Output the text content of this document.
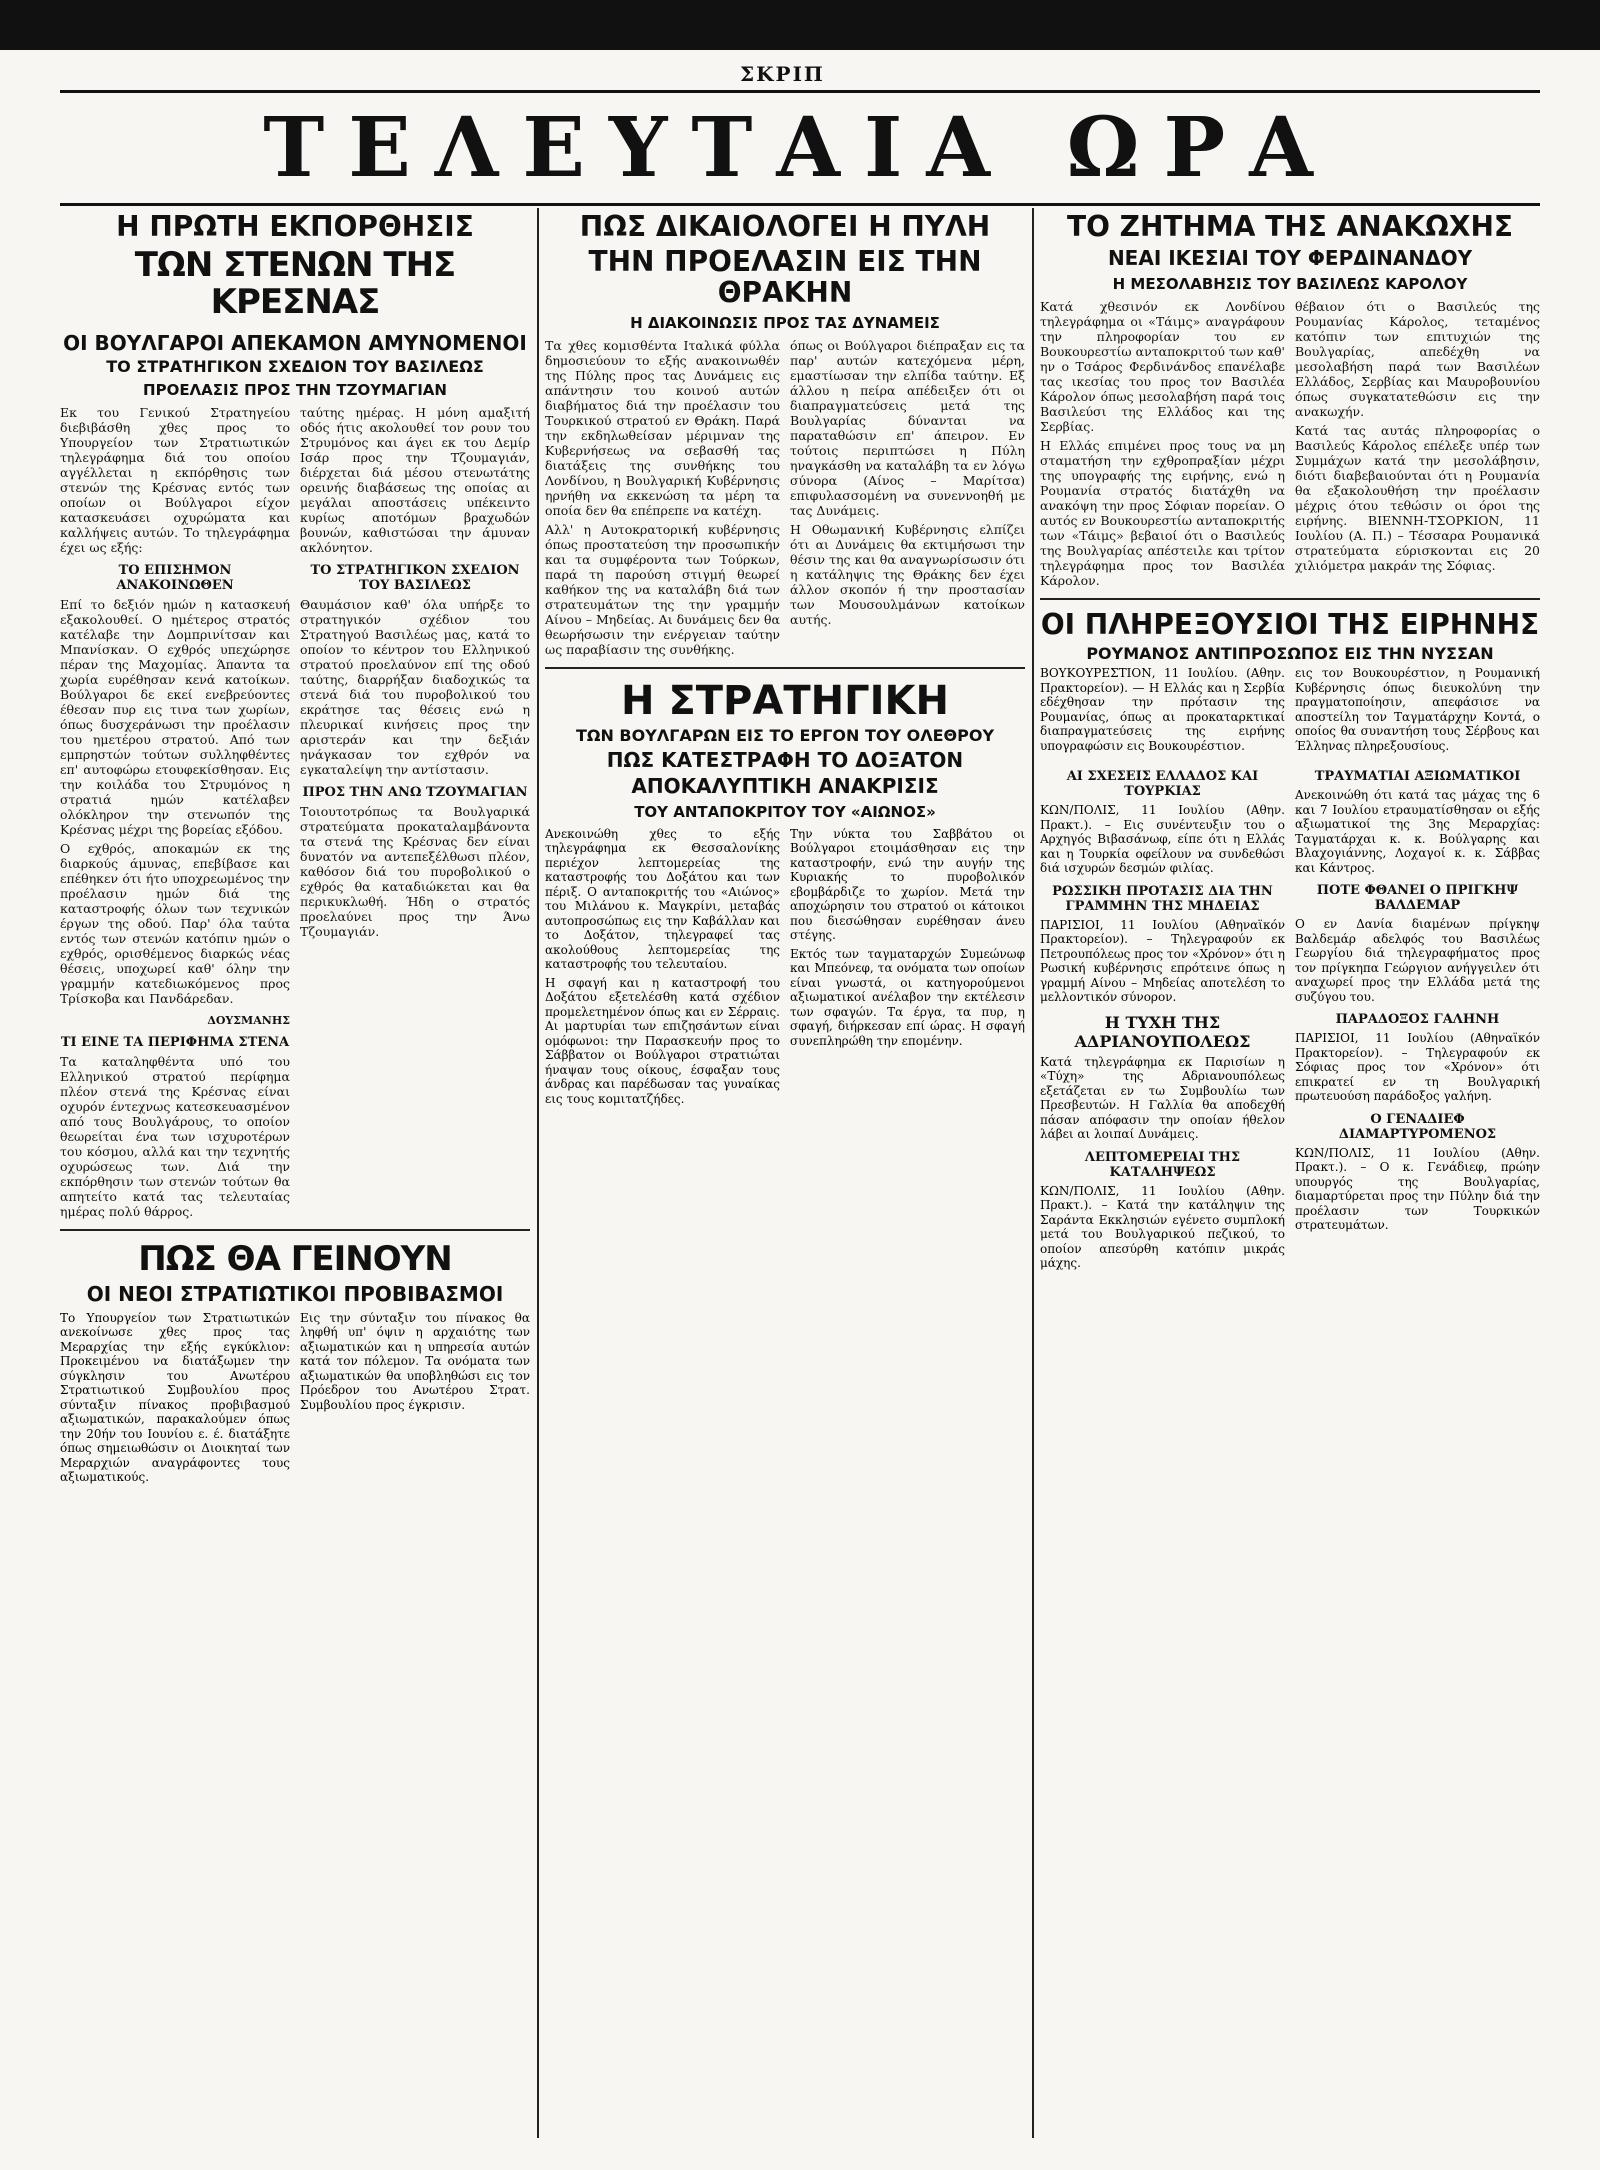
ΣΚΡΙΠ
ΤΕΛΕΥΤΑΙΑ ΩΡΑ
Η ΠΡΩΤΗ ΕΚΠΟΡΘΗΣΙΣ
ΤΩΝ ΣΤΕΝΩΝ ΤΗΣ ΚΡΕΣΝΑΣ
ΟΙ ΒΟΥΛΓΑΡΟΙ ΑΠΕΚΑΜΟΝ ΑΜΥΝΟΜΕΝΟΙ
ΤΟ ΣΤΡΑΤΗΓΙΚΟΝ ΣΧΕΔΙΟΝ ΤΟΥ ΒΑΣΙΛΕΩΣ
ΠΡΟΕΛΑΣΙΣ ΠΡΟΣ ΤΗΝ ΤΖΟΥΜΑΓΙΑΝ
Εκ του Γενικού Στρατηγείου διεβιβάσθη χθες προς το Υπουργείον των Στρατιωτικών τηλεγράφημα διά του οποίου αγγέλλεται η εκπόρθησις των στενών της Κρέσνας εντός των οποίων οι Βούλγαροι είχον κατασκευάσει οχυρώματα και καλλήψεις αυτών. Το τηλεγράφημα έχει ως εξής:
ΤΟ ΕΠΙΣΗΜΟΝ ΑΝΑΚΟΙΝΩΘΕΝ
Επί το δεξιόν ημών η κατασκευή εξακολουθεί. Ο ημέτερος στρατός κατέλαβε την Δομπρινίτσαν και Μπανίσκαν. Ο εχθρός υπεχώρησε πέραν της Μαχομίας. Άπαντα τα χωρία ευρέθησαν κενά κατοίκων. Βούλγαροι δε εκεί ενεβρεύοντες έθεσαν πυρ εις τινα των χωρίων, όπως δυσχεράνωσι την προέλασιν του ημετέρου στρατού. Από των εμπρηστών τούτων συλληφθέντες επ' αυτοφώρω ετουφεκίσθησαν. Εις την κοιλάδα του Στρυμόνος η στρατιά ημών κατέλαβεν ολόκληρον την στενωπόν της Κρέσνας μέχρι της βορείας εξόδου.
Ο εχθρός, αποκαμών εκ της διαρκούς άμυνας, επεβίβασε και επέθηκεν ότι ήτο υποχρεωμένος την προέλασιν ημών διά της καταστροφής όλων των τεχνικών έργων της οδού. Παρ' όλα ταύτα εντός των στενών κατόπιν ημών ο εχθρός, ορισθέμενος διαρκώς νέας θέσεις, υποχωρεί καθ' όλην την γραμμήν κατεδιωκόμενος προς Τρίσκοβα και Πανδάρεδαν.
ΔΟΥΣΜΑΝΗΣ
ΤΙ ΕΙΝΕ ΤΑ ΠΕΡΙΦΗΜΑ ΣΤΕΝΑ
Τα καταληφθέντα υπό του Ελληνικού στρατού περίφημα πλέον στενά της Κρέσνας είναι οχυρόν έντεχνως κατεσκευασμένον από τους Βουλγάρους, το οποίον θεωρείται ένα των ισχυροτέρων του κόσμου, αλλά και την τεχνητής οχυρώσεως των. Διά την εκπόρθησιν των στενών τούτων θα απητείτο κατά τας τελευταίας ημέρας πολύ θάρρος.
ταύτης ημέρας. Η μόνη αμαξιτή οδός ήτις ακολουθεί τον ρουν του Στρυμόνος και άγει εκ του Δεμίρ Ισάρ προς την Τζουμαγιάν, διέρχεται διά μέσου στενωτάτης ορεινής διαβάσεως της οποίας αι μεγάλαι αποστάσεις υπέκειντο κυρίως αποτόμων βραχωδών βουνών, καθιστώσαι την άμυναν ακλόνητον.
ΤΟ ΣΤΡΑΤΗΓΙΚΟΝ ΣΧΕΔΙΟΝ ΤΟΥ ΒΑΣΙΛΕΩΣ
Θαυμάσιον καθ' όλα υπήρξε το στρατηγικόν σχέδιον του Στρατηγού Βασιλέως μας, κατά το οποίον το κέντρον του Ελληνικού στρατού προελαύνον επί της οδού ταύτης, διαρρήξαν διαδοχικώς τα στενά διά του πυροβολικού του εκράτησε τας θέσεις ενώ η πλευρικαί κινήσεις προς την αριστεράν και την δεξιάν ηνάγκασαν τον εχθρόν να εγκαταλείψη την αντίστασιν.
ΠΡΟΣ ΤΗΝ ΑΝΩ ΤΖΟΥΜΑΓΙΑΝ
Τοιουτοτρόπως τα Βουλγαρικά στρατεύματα προκαταλαμβάνοντα τα στενά της Κρέσνας δεν είναι δυνατόν να αντεπεξέλθωσι πλέον, καθόσον διά του πυροβολικού ο εχθρός θα καταδιώκεται και θα περικυκλωθή. Ήδη ο στρατός προελαύνει προς την Άνω Τζουμαγιάν.
ΠΩΣ ΘΑ ΓΕΙΝΟΥΝ
ΟΙ ΝΕΟΙ ΣΤΡΑΤΙΩΤΙΚΟΙ ΠΡΟΒΙΒΑΣΜΟΙ
Το Υπουργείον των Στρατιωτικών ανεκοίνωσε χθες προς τας Μεραρχίας την εξής εγκύκλιον: Προκειμένου να διατάξωμεν την σύγκλησιν του Ανωτέρου Στρατιωτικού Συμβουλίου προς σύνταξιν πίνακος προβιβασμού αξιωματικών, παρακαλούμεν όπως την 20ήν του Ιουνίου ε. έ. διατάξητε όπως σημειωθώσιν οι Διοικηταί των Μεραρχιών αναγράφοντες τους αξιωματικούς.
Εις την σύνταξιν του πίνακος θα ληφθή υπ' όψιν η αρχαιότης των αξιωματικών και η υπηρεσία αυτών κατά τον πόλεμον. Τα ονόματα των αξιωματικών θα υποβληθώσι εις τον Πρόεδρον του Ανωτέρου Στρατ. Συμβουλίου προς έγκρισιν.
ΠΩΣ ΔΙΚΑΙΟΛΟΓΕΙ Η ΠΥΛΗ
ΤΗΝ ΠΡΟΕΛΑΣΙΝ ΕΙΣ ΤΗΝ ΘΡΑΚΗΝ
Η ΔΙΑΚΟΙΝΩΣΙΣ ΠΡΟΣ ΤΑΣ ΔΥΝΑΜΕΙΣ
Τα χθες κομισθέντα Ιταλικά φύλλα δημοσιεύουν το εξής ανακοινωθέν της Πύλης προς τας Δυνάμεις εις απάντησιν του κοινού αυτών διαβήματος διά την προέλασιν του Τουρκικού στρατού εν Θράκη. Παρά την εκδηλωθείσαν μέριμναν της Κυβερνήσεως να σεβασθή τας διατάξεις της συνθήκης του Λονδίνου, η Βουλγαρική Κυβέρνησις ηρνήθη να εκκενώση τα μέρη τα οποία δεν θα επέπρεπε να κατέχη.
Αλλ' η Αυτοκρατορική κυβέρνησις όπως προστατεύση την προσωπικήν και τα συμφέροντα των Τούρκων, παρά τη παρούση στιγμή θεωρεί καθήκον της να καταλάβη διά των στρατευμάτων της την γραμμήν Αίνου – Μηδείας. Αι δυνάμεις δεν θα θεωρήσωσιν την ενέργειαν ταύτην ως παραβίασιν της συνθήκης.
όπως οι Βούλγαροι διέπραξαν εις τα παρ' αυτών κατεχόμενα μέρη, εμαστίωσαν την ελπίδα ταύτην. Εξ άλλου η πείρα απέδειξεν ότι οι διαπραγματεύσεις μετά της Βουλγαρίας δύνανται να παραταθώσιν επ' άπειρον. Εν τούτοις περιπτώσει η Πύλη ηναγκάσθη να καταλάβη τα εν λόγω σύνορα (Αίνος – Μαρίτσα) επιφυλασσομένη να συνεννοηθή με τας Δυνάμεις.
Η Οθωμανική Κυβέρνησις ελπίζει ότι αι Δυνάμεις θα εκτιμήσωσι την θέσιν της και θα αναγνωρίσωσιν ότι η κατάληψις της Θράκης δεν έχει άλλον σκοπόν ή την προστασίαν των Μουσουλμάνων κατοίκων αυτής.
Η ΣΤΡΑΤΗΓΙΚΗ
ΤΩΝ ΒΟΥΛΓΑΡΩΝ ΕΙΣ ΤΟ ΕΡΓΟΝ ΤΟΥ ΟΛΕΘΡΟΥ
ΠΩΣ ΚΑΤΕΣΤΡΑΦΗ ΤΟ ΔΟΞΑΤΟΝ
ΑΠΟΚΑΛΥΠΤΙΚΗ ΑΝΑΚΡΙΣΙΣ
ΤΟΥ ΑΝΤΑΠΟΚΡΙΤΟΥ ΤΟΥ «ΑΙΩΝΟΣ»
Ανεκοινώθη χθες το εξής τηλεγράφημα εκ Θεσσαλονίκης περιέχον λεπτομερείας της καταστροφής του Δοξάτου και των πέριξ. Ο ανταποκριτής του «Αιώνος» του Μιλάνου κ. Μαγκρίνι, μεταβάς αυτοπροσώπως εις την Καβάλλαν και το Δοξάτον, τηλεγραφεί τας ακολούθους λεπτομερείας της καταστροφής του τελευταίου.
Η σφαγή και η καταστροφή του Δοξάτου εξετελέσθη κατά σχέδιον προμελετημένον όπως και εν Σέρραις. Αι μαρτυρίαι των επιζησάντων είναι ομόφωνοι: την Παρασκευήν προς το Σάββατον οι Βούλγαροι στρατιώται ήναψαν τους οίκους, έσφαξαν τους άνδρας και παρέδωσαν τας γυναίκας εις τους κομιτατζήδες.
Την νύκτα του Σαββάτου οι Βούλγαροι ετοιμάσθησαν εις την καταστροφήν, ενώ την αυγήν της Κυριακής το πυροβολικόν εβομβάρδιζε το χωρίον. Μετά την αποχώρησιν του στρατού οι κάτοικοι που διεσώθησαν ευρέθησαν άνευ στέγης.
Εκτός των ταγματαρχών Συμεώνωφ και Μπεόνεφ, τα ονόματα των οποίων είναι γνωστά, οι κατηγορούμενοι αξιωματικοί ανέλαβον την εκτέλεσιν των σφαγών. Τα έργα, τα πυρ, η σφαγή, διήρκεσαν επί ώρας. Η σφαγή συνεπληρώθη την επομένην.
ΤΟ ΖΗΤΗΜΑ ΤΗΣ ΑΝΑΚΩΧΗΣ
ΝΕΑΙ ΙΚΕΣΙΑΙ ΤΟΥ ΦΕΡΔΙΝΑΝΔΟΥ
Η ΜΕΣΟΛΑΒΗΣΙΣ ΤΟΥ ΒΑΣΙΛΕΩΣ ΚΑΡΟΛΟΥ
Κατά χθεσινόν εκ Λονδίνου τηλεγράφημα οι «Τάιμς» αναγράφουν την πληροφορίαν του εν Βουκουρεστίω ανταποκριτού των καθ' ην ο Τσάρος Φερδινάνδος επανέλαβε τας ικεσίας του προς τον Βασιλέα Κάρολον όπως μεσολαβήση παρά τοις Βασιλεύσι της Ελλάδος και της Σερβίας.
Η Ελλάς επιμένει προς τους να μη σταματήση την εχθροπραξίαν μέχρι της υπογραφής της ειρήνης, ενώ η Ρουμανία στρατός διατάχθη να ανακόψη την προς Σόφιαν πορείαν. Ο αυτός εν Βουκουρεστίω ανταποκριτής των «Τάιμς» βεβαιοί ότι ο Βασιλεύς της Βουλγαρίας απέστειλε και τρίτον τηλεγράφημα προς τον Βασιλέα Κάρολον.
θέβαιον ότι ο Βασιλεύς της Ρουμανίας Κάρολος, τεταμένος κατόπιν των επιτυχιών της Βουλγαρίας, απεδέχθη να μεσολαβήση παρά των Βασιλέων Ελλάδος, Σερβίας και Μαυροβουνίου όπως συγκατατεθώσιν εις την ανακωχήν.
Κατά τας αυτάς πληροφορίας ο Βασιλεύς Κάρολος επέλεξε υπέρ των Συμμάχων κατά την μεσολάβησιν, διότι διαβεβαιούνται ότι η Ρουμανία θα εξακολουθήση την προέλασιν μέχρις ότου τεθώσιν οι όροι της ειρήνης. ΒΙΕΝΝΗ-ΤΣΟΡΚΙΟΝ, 11 Ιουλίου (Α. Π.) – Τέσσαρα Ρουμανικά στρατεύματα εύρισκονται εις 20 χιλιόμετρα μακράν της Σόφιας.
ΟΙ ΠΛΗΡΕΞΟΥΣΙΟΙ ΤΗΣ ΕΙΡΗΝΗΣ
ΡΟΥΜΑΝΟΣ ΑΝΤΙΠΡΟΣΩΠΟΣ ΕΙΣ ΤΗΝ ΝΥΣΣΑΝ
ΒΟΥΚΟΥΡΕΣΤΙΟΝ, 11 Ιουλίου. (Αθην. Πρακτορείον). — Η Ελλάς και η Σερβία εδέχθησαν την πρότασιν της Ρουμανίας, όπως αι προκαταρκτικαί διαπραγματεύσεις της ειρήνης υπογραφώσιν εις Βουκουρέστιον.
εις τον Βουκουρέστιον, η Ρουμανική Κυβέρνησις όπως διευκολύνη την πραγματοποίησιν, απεφάσισε να αποστείλη τον Ταγματάρχην Κοντά, ο οποίος θα συναντήση τους Σέρβους και Έλληνας πληρεξουσίους.
ΑΙ ΣΧΕΣΕΙΣ ΕΛΛΑΔΟΣ ΚΑΙ ΤΟΥΡΚΙΑΣ
ΚΩΝ/ΠΟΛΙΣ, 11 Ιουλίου (Αθην. Πρακτ.). – Εις συνέντευξιν του ο Αρχηγός Βιβασάνωφ, είπε ότι η Ελλάς και η Τουρκία οφείλουν να συνδεθώσι διά ισχυρών δεσμών φιλίας.
ΡΩΣΣΙΚΗ ΠΡΟΤΑΣΙΣ ΔΙΑ ΤΗΝ ΓΡΑΜΜΗΝ ΤΗΣ ΜΗΔΕΙΑΣ
ΠΑΡΙΣΙΟΙ, 11 Ιουλίου (Αθηναϊκόν Πρακτορείον). – Τηλεγραφούν εκ Πετρουπόλεως προς τον «Χρόνον» ότι η Ρωσική κυβέρνησις επρότεινε όπως η γραμμή Αίνου – Μηδείας αποτελέση το μελλοντικόν σύνορον.
Η ΤΥΧΗ ΤΗΣ ΑΔΡΙΑΝΟΥΠΟΛΕΩΣ
Κατά τηλεγράφημα εκ Παρισίων η «Τύχη» της Αδριανουπόλεως εξετάζεται εν τω Συμβουλίω των Πρεσβευτών. Η Γαλλία θα αποδεχθή πάσαν απόφασιν την οποίαν ήθελον λάβει αι λοιπαί Δυνάμεις.
ΛΕΠΤΟΜΕΡΕΙΑΙ ΤΗΣ ΚΑΤΑΛΗΨΕΩΣ
ΚΩΝ/ΠΟΛΙΣ, 11 Ιουλίου (Αθην. Πρακτ.). – Κατά την κατάληψιν της Σαράντα Εκκλησιών εγένετο συμπλοκή μετά του Βουλγαρικού πεζικού, το οποίον απεσύρθη κατόπιν μικράς μάχης.
ΤΡΑΥΜΑΤΙΑΙ ΑΞΙΩΜΑΤΙΚΟΙ
Ανεκοινώθη ότι κατά τας μάχας της 6 και 7 Ιουλίου ετραυματίσθησαν οι εξής αξιωματικοί της 3ης Μεραρχίας: Ταγματάρχαι κ. κ. Βούλγαρης και Βλαχογιάννης, Λοχαγοί κ. κ. Σάββας και Κάντρος.
ΠΟΤΕ ΦΘΑΝΕΙ Ο ΠΡΙΓΚΗΨ ΒΑΛΔΕΜΑΡ
Ο εν Δανία διαμένων πρίγκηψ Βαλδεμάρ αδελφός του Βασιλέως Γεωργίου διά τηλεγραφήματος προς τον πρίγκηπα Γεώργιον ανήγγειλεν ότι αναχωρεί προς την Ελλάδα μετά της συζύγου του.
ΠΑΡΑΔΟΞΟΣ ΓΑΛΗΝΗ
ΠΑΡΙΣΙΟΙ, 11 Ιουλίου (Αθηναϊκόν Πρακτορείον). – Τηλεγραφούν εκ Σόφιας προς τον «Χρόνον» ότι επικρατεί εν τη Βουλγαρική πρωτευούση παράδοξος γαλήνη.
Ο ΓΕΝΑΔΙΕΦ ΔΙΑΜΑΡΤΥΡΟΜΕΝΟΣ
ΚΩΝ/ΠΟΛΙΣ, 11 Ιουλίου (Αθην. Πρακτ.). – Ο κ. Γενάδιεφ, πρώην υπουργός της Βουλγαρίας, διαμαρτύρεται προς την Πύλην διά την προέλασιν των Τουρκικών στρατευμάτων.
